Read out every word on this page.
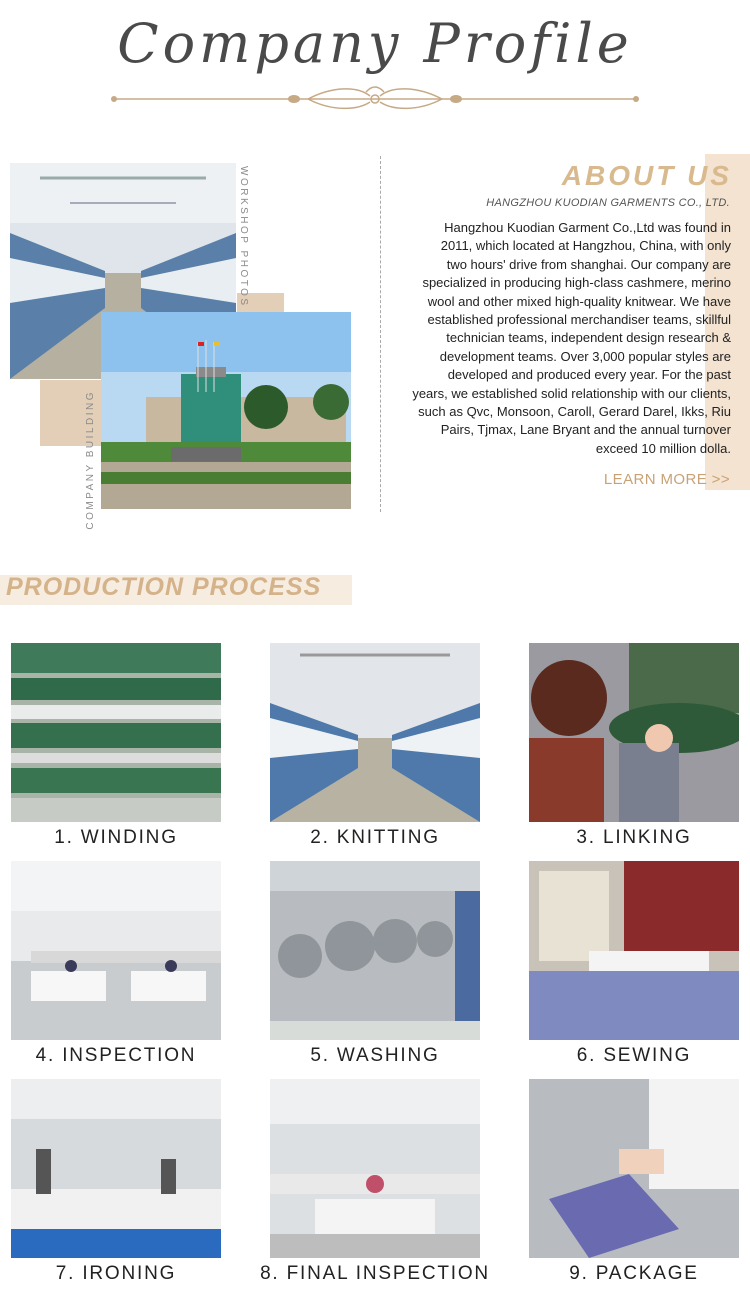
Company Profile
WORKSHOP PHOTOS
COMPANY BUILDING
ABOUT US
HANGZHOU KUODIAN GARMENTS CO., LTD.
Hangzhou Kuodian Garment Co.,Ltd was found in
2011, which located at Hangzhou, China, with only
two hours' drive from shanghai. Our company are
specialized in producing high-class cashmere, merino
wool and other mixed high-quality knitwear. We have
established professional merchandiser teams, skillful
technician teams, independent design research &
development teams. Over 3,000 popular styles are
developed and produced every year. For the past
years, we established solid relationship with our clients,
such as Qvc, Monsoon, Caroll, Gerard Darel, Ikks, Riu
Pairs, Tjmax, Lane Bryant and the annual turnover
exceed 10 million dolla.
LEARN MORE >>
PRODUCTION PROCESS
1. WINDING	2. KNITTING	3. LINKING
4. INSPECTION	5. WASHING	6. SEWING
7. IRONING	8. FINAL INSPECTION	9. PACKAGE
